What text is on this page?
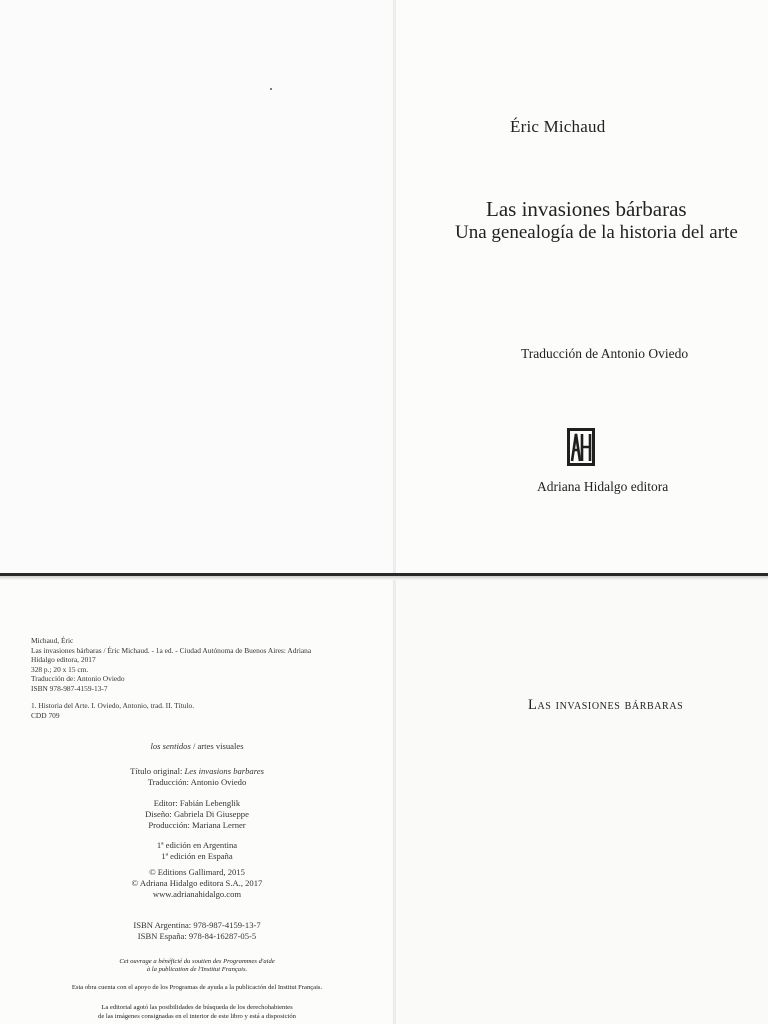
Éric Michaud
Las invasiones bárbaras
Una genealogía de la historia del arte
Traducción de Antonio Oviedo
Adriana Hidalgo editora
Michaud, Éric
Las invasiones bárbaras / Éric Michaud. - 1a ed. - Ciudad Autónoma de Buenos Aires: Adriana
Hidalgo editora, 2017
328 p.; 20 x 15 cm.
Traducción de: Antonio Oviedo
ISBN 978-987-4159-13-7
1. Historia del Arte. I. Oviedo, Antonio, trad. II. Título.
CDD 709
los sentidos / artes visuales
Título original: Les invasions barbares
Traducción: Antonio Oviedo
Editor: Fabián Lebenglik
Diseño: Gabriela Di Giuseppe
Producción: Mariana Lerner
1ª edición en Argentina
1ª edición en España
© Editions Gallimard, 2015
© Adriana Hidalgo editora S.A., 2017
www.adrianahidalgo.com
ISBN Argentina: 978-987-4159-13-7
ISBN España: 978-84-16287-05-5
Cet ouvrage a bénéficié du soutien des Programmes d'aide
à la publication de l'Institut Français.
Esta obra cuenta con el apoyo de los Programas de ayuda a la publicación del Institut Français.
La editorial agotó las posibilidades de búsqueda de los derechohabientes
de las imágenes consignadas en el interior de este libro y está a disposición
Las invasiones bárbaras
